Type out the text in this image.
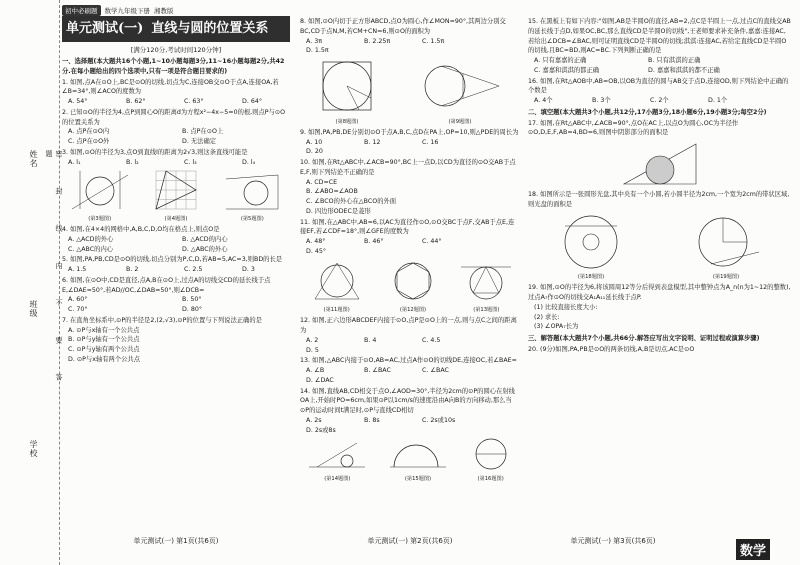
姓名
班级
学校
密 封 线 内 不 要 答 题
初中必刷题	数学九年级下册 湘教版
单元测试(一) 直线与圆的位置关系
[满分120分,考试时间120分钟]
一、选择题(本大题共16个小题,1~10小题每题3分,11~16小题每题2分,共42分.在每小题给出的四个选项中,只有一项是符合题目要求的)
1. 如图,点A在⊙O上,BC是⊙O的切线,切点为C,连接OB交⊙O于点A,连接OA,若∠B=34°,则∠ACO的度数为
A. 54°	B. 62°	C. 63°	D. 64°
2. 已知⊙O的半径为4,点P到圆心O的距离d为方程x²−4x−5=0的根,则点P与⊙O的位置关系为
A. 点P在⊙O内	B. 点P在⊙O上
C. 点P在⊙O外	D. 无法确定
3. 如图,⊙O的半径为3,点O到直线l的距离为2√3,则这条直线可能是
A. l₁	B. l₂	C. l₃	D. l₄
(第3题图)	(第4题图)	(第5题图)
4. 如图,在4×4的网格中,A,B,C,D,O均在格点上,则点O是
A. △ACD的外心	B. △ACD的内心
C. △ABC的内心	D. △ABC的外心
5. 如图,PA,PB,CD是⊙O的切线,切点分别为P,C,D,若AB=5,AC=3,则BD的长是
A. 1.5	B. 2	C. 2.5	D. 3
6. 如图,在⊙O中,CD是直径,点A,B在⊙O上,过点A的切线交CD的延长线于点E,∠DAE=50°,若AD//OC,∠DAB=50°,则∠DCB=
A. 60°	B. 50°
C. 70°	D. 80°
7. 在直角坐标系中,⊙P的半径是2,(2,√3),⊙P的位置与下列说法正确的是
A. ⊙P与x轴有一个公共点
B. ⊙P与y轴有一个公共点
C. ⊙P与y轴有两个公共点
D. ⊙P与x轴有两个公共点
8. 如图,⊙O内切于正方形ABCD,点O为圆心,作∠MON=90°,其两边分别交BC,CD于点N,M,若CM+CN=6,则⊙O的面积为
A. 3π	B. 2.25π	C. 1.5π
D. 1.5π
(第8题图)	(第9题图)
9. 如图,PA,PB,DE分别切⊙O于点A,B,C,点D在PA上,OP=10,则△PDE的周长为
A. 10	B. 12	C. 16
D. 20
10. 如图,在Rt△ABC中,∠ACB=90°,BC上一点D,以CD为直径的⊙O交AB于点E,F,则下列结论不正确的是
A. CD=CE
B. ∠ABO=∠AOB
C. ∠BCO的外心在△BCO的外面
D. 四边形ODEC是菱形
11. 如图,在△ABC中,AB=6,以AC为直径作⊙O,⊙O交BC于点F,交AB于点E,连接EF,若∠CDF=18°,则∠GFE的度数为
A. 48°	B. 46°	C. 44°
D. 45°
(第11题图)	(第12题图)	(第13题图)
12. 如图,正六边形ABCDEF内接于⊙O,点P是⊙O上的一点,则与点C之间的距离为
A. 2	B. 4	C. 4.5
D. 5
13. 如图,△ABC内接于⊙O,AB=AC,过点A作⊙O的切线DE,连接OC,若∠BAE=
A. ∠B	B. ∠BAC	C. ∠BAC
D. ∠DAC
14. 如图,直线AB,CD相交于点O,∠AOD=30°,半径为2cm的⊙P的圆心在射线OA上,开始时PO=6cm,如果⊙P以1cm/s的速度沿由A向B的方向移动,那么当⊙P的运动时间t满足时,⊙P与直线CD相切
A. 2s	B. 8s	C. 2s或10s
D. 2s或8s
(第14题图)	(第15题图)	(第16题图)
15. 在黑板上有如下内容:"如图,AB是半圆O的直径,AB=2,点C是半圆上一点,过点C的直线交AB的延长线于点D,如果OC,BC,那么直线CD是半圆O的切线",王老师要求补充条件,嘉嘉:连接AC,若给出∠DCB=∠BAC,则可证明直线CD是半圆O的切线;淇淇:连接AC,若给定直线CD是半圆O的切线,且BC=BD,则AC=BC.下列判断正确的是
A. 只有嘉嘉的正确	B. 只有淇淇的正确
C. 嘉嘉和淇淇的都正确	D. 嘉嘉和淇淇的都不正确
16. 如图,在Rt△AOB中,AB=OB,以OB为直径的圆与AB交于点D,连接OD,则下列结论中正确的个数是
A. 4个	B. 3个	C. 2个	D. 1个
二、填空题(本大题共3个小题,共12分,17小题3分,18小题6分,19小题3分;每空2分)
17. 如图,在Rt△ABC中,∠ACB=90°,点O在AC上,以点O为圆心,OC为半径作⊙O,D,E,F,AB=4,BD=6,则图中阴影部分的面积是
18. 如图所示是一张圆形光盘,其中央有一个小圆,若小圆半径为2cm,一个宽为2cm的带状区域,则光盘的面积是
(第18题图)	(第19题图)
19. 如图,⊙O的半径为6,将该圆周12等分后得到表盘模型,其中整钟点为A_n(n为1~12的整数),过点A₇作⊙O的切线交A₁A₁₁延长线于点P.
(1) 比较直接长度大小:
(2) 求长:
(3) ∠OPA₇长为
三、解答题(本大题共7个小题,共66分.解答应写出文字说明、证明过程或演算步骤)
20. (9分)如图,PA,PB是⊙O的两条切线,A,B是切点,AC是⊙O
单元测试(一) 第1页(共6页)	单元测试(一) 第2页(共6页)	单元测试(一) 第3页(共6页)
数学
